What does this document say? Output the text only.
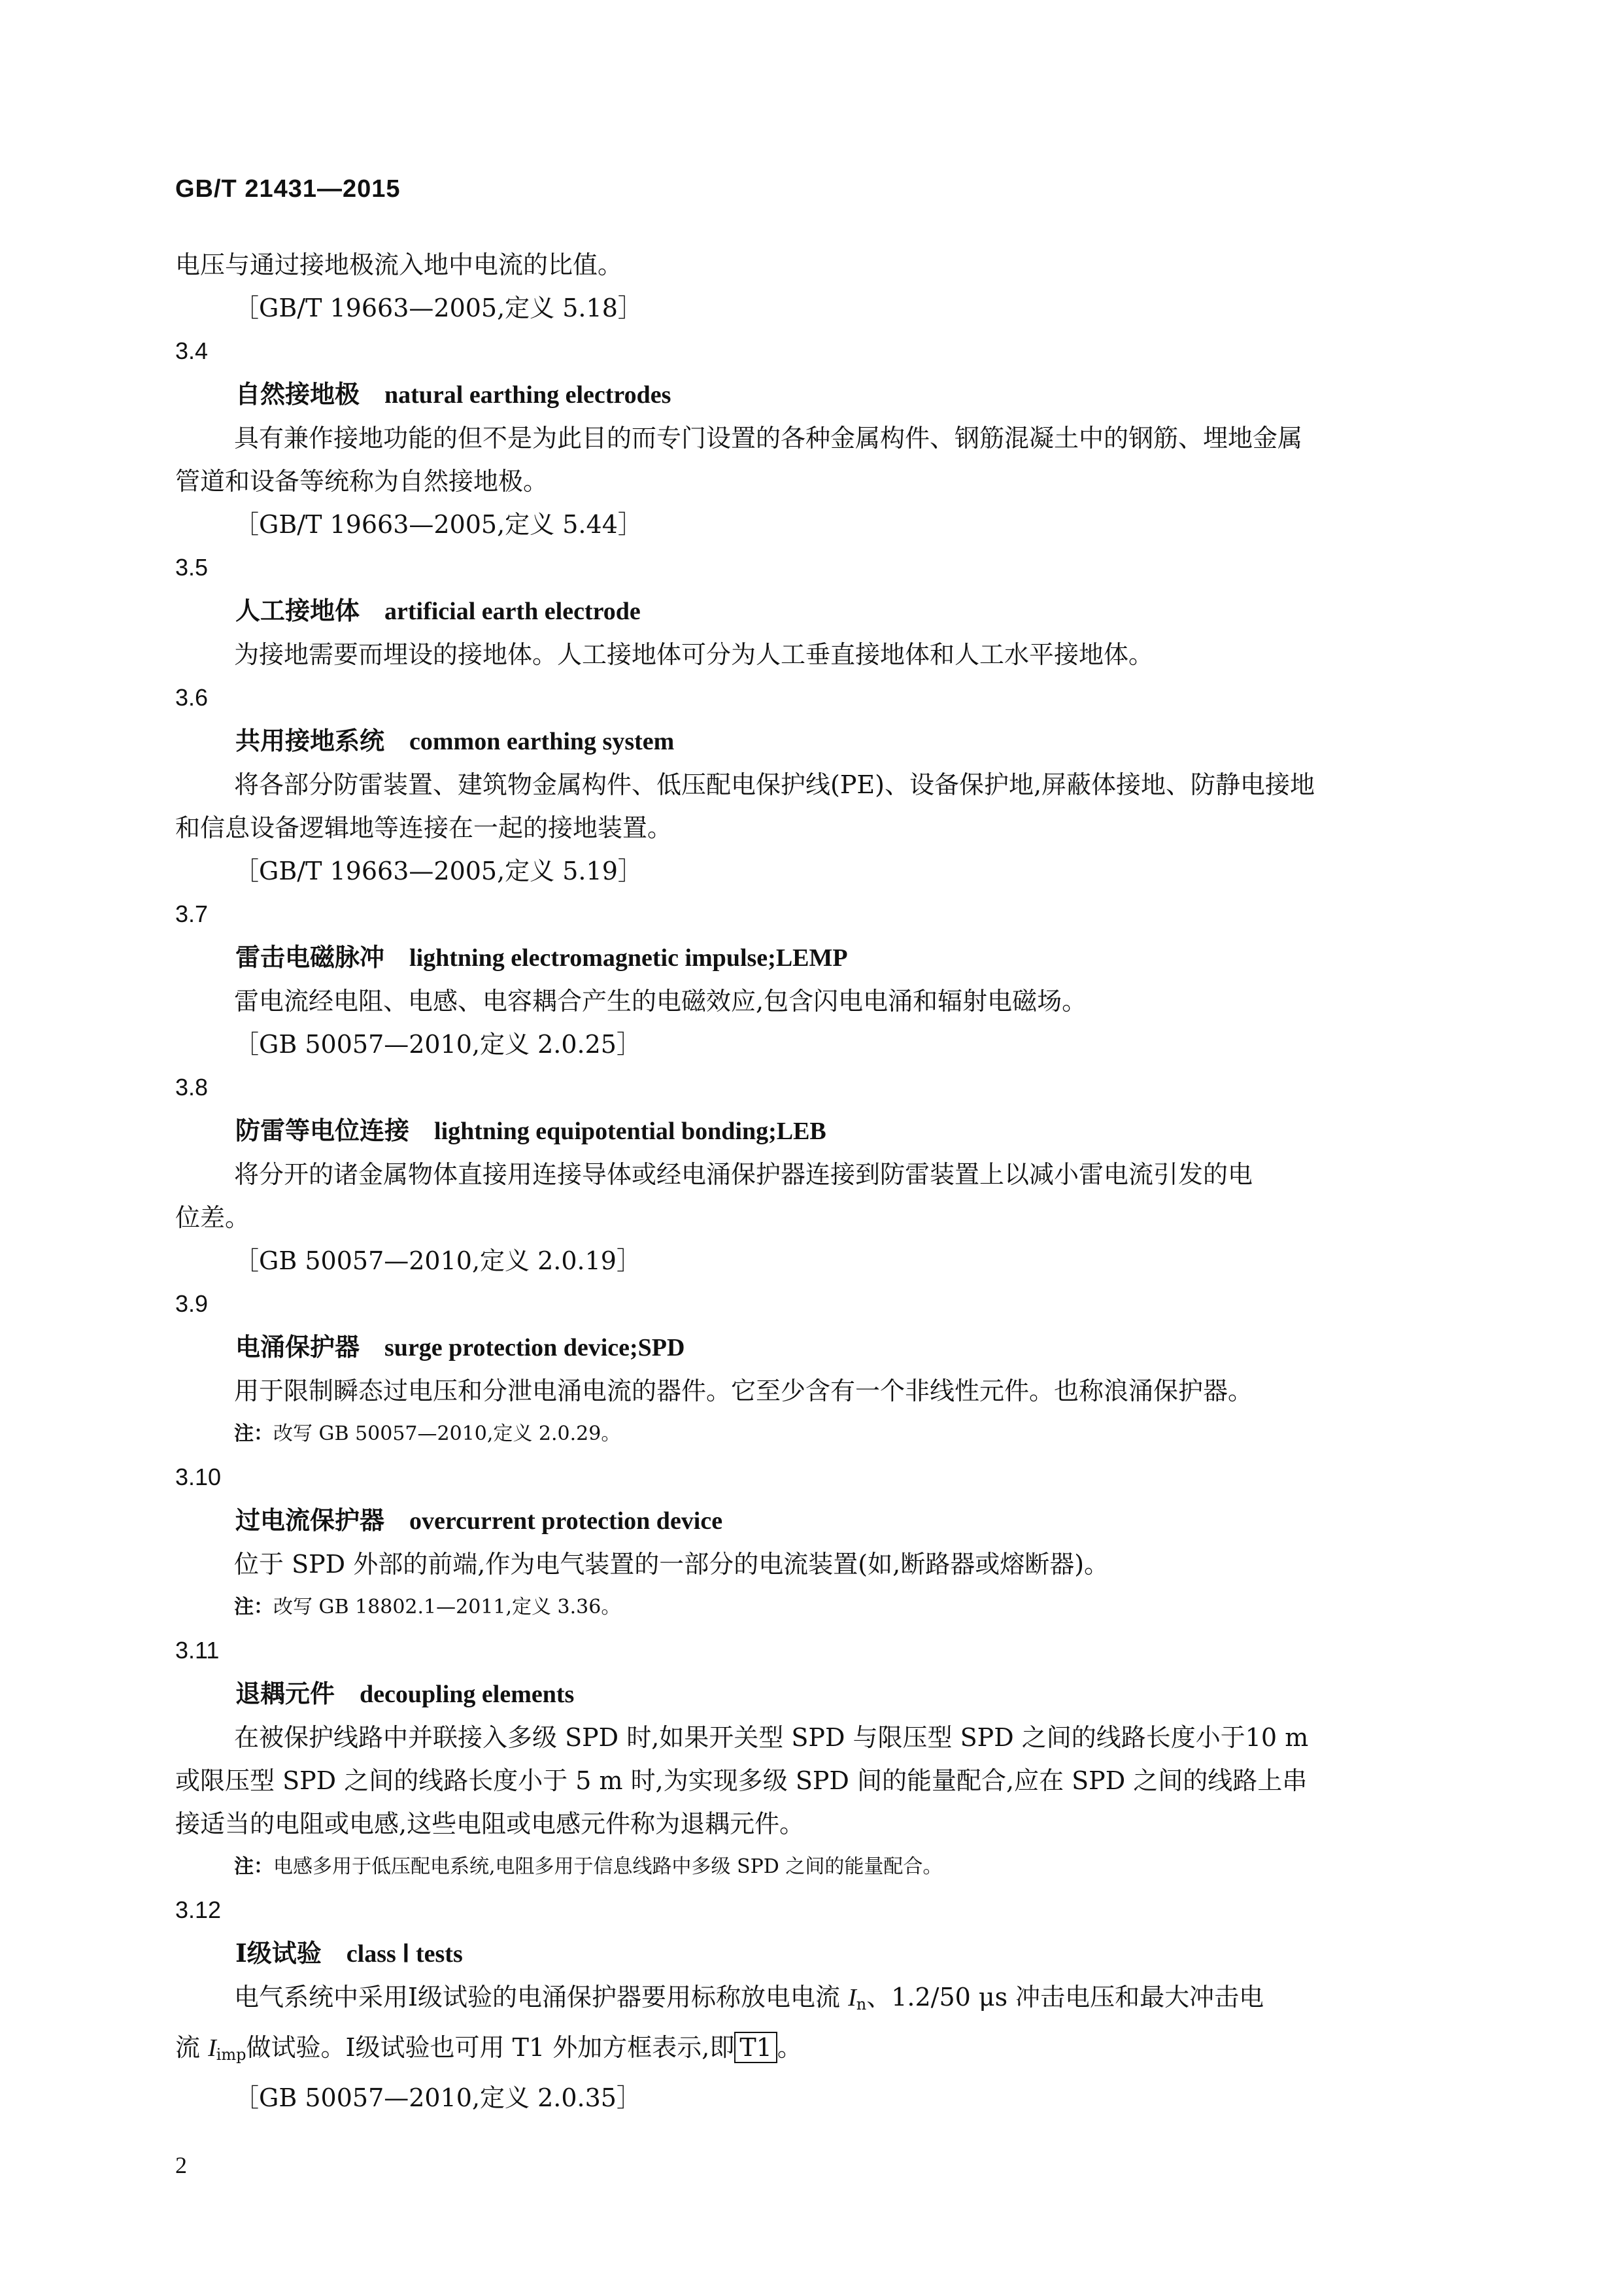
GB/T 21431—2015

电压与通过接地极流入地中电流的比值。

［GB/T 19663—2005,定义 5.18］

3.4

自然接地极 natural earthing electrodes

具有兼作接地功能的但不是为此目的而专门设置的各种金属构件、钢筋混凝土中的钢筋、埋地金属

管道和设备等统称为自然接地极。

［GB/T 19663—2005,定义 5.44］

3.5

人工接地体 artificial earth electrode

为接地需要而埋设的接地体。人工接地体可分为人工垂直接地体和人工水平接地体。

3.6

共用接地系统 common earthing system

将各部分防雷装置、建筑物金属构件、低压配电保护线(PE)、设备保护地,屏蔽体接地、防静电接地

和信息设备逻辑地等连接在一起的接地装置。

［GB/T 19663—2005,定义 5.19］

3.7

雷击电磁脉冲 lightning electromagnetic impulse;LEMP

雷电流经电阻、电感、电容耦合产生的电磁效应,包含闪电电涌和辐射电磁场。

［GB 50057—2010,定义 2.0.25］

3.8

防雷等电位连接 lightning equipotential bonding;LEB

将分开的诸金属物体直接用连接导体或经电涌保护器连接到防雷装置上以减小雷电流引发的电

位差。

［GB 50057—2010,定义 2.0.19］

3.9

电涌保护器 surge protection device;SPD

用于限制瞬态过电压和分泄电涌电流的器件。它至少含有一个非线性元件。也称浪涌保护器。

注：改写 GB 50057—2010,定义 2.0.29。

3.10

过电流保护器 overcurrent protection device

位于 SPD 外部的前端,作为电气装置的一部分的电流装置(如,断路器或熔断器)。

注：改写 GB 18802.1—2011,定义 3.36。

3.11

退耦元件 decoupling elements

在被保护线路中并联接入多级 SPD 时,如果开关型 SPD 与限压型 SPD 之间的线路长度小于10 m

或限压型 SPD 之间的线路长度小于 5 m 时,为实现多级 SPD 间的能量配合,应在 SPD 之间的线路上串

接适当的电阻或电感,这些电阻或电感元件称为退耦元件。

注：电感多用于低压配电系统,电阻多用于信息线路中多级 SPD 之间的能量配合。

3.12

Ⅰ级试验 class Ⅰ tests

电气系统中采用Ⅰ级试验的电涌保护器要用标称放电电流 $I_n$、1.2/50 μs 冲击电压和最大冲击电

流 $I_{imp}$做试验。Ⅰ级试验也可用 T1 外加方框表示,即 T1 。

［GB 50057—2010,定义 2.0.35］

2
